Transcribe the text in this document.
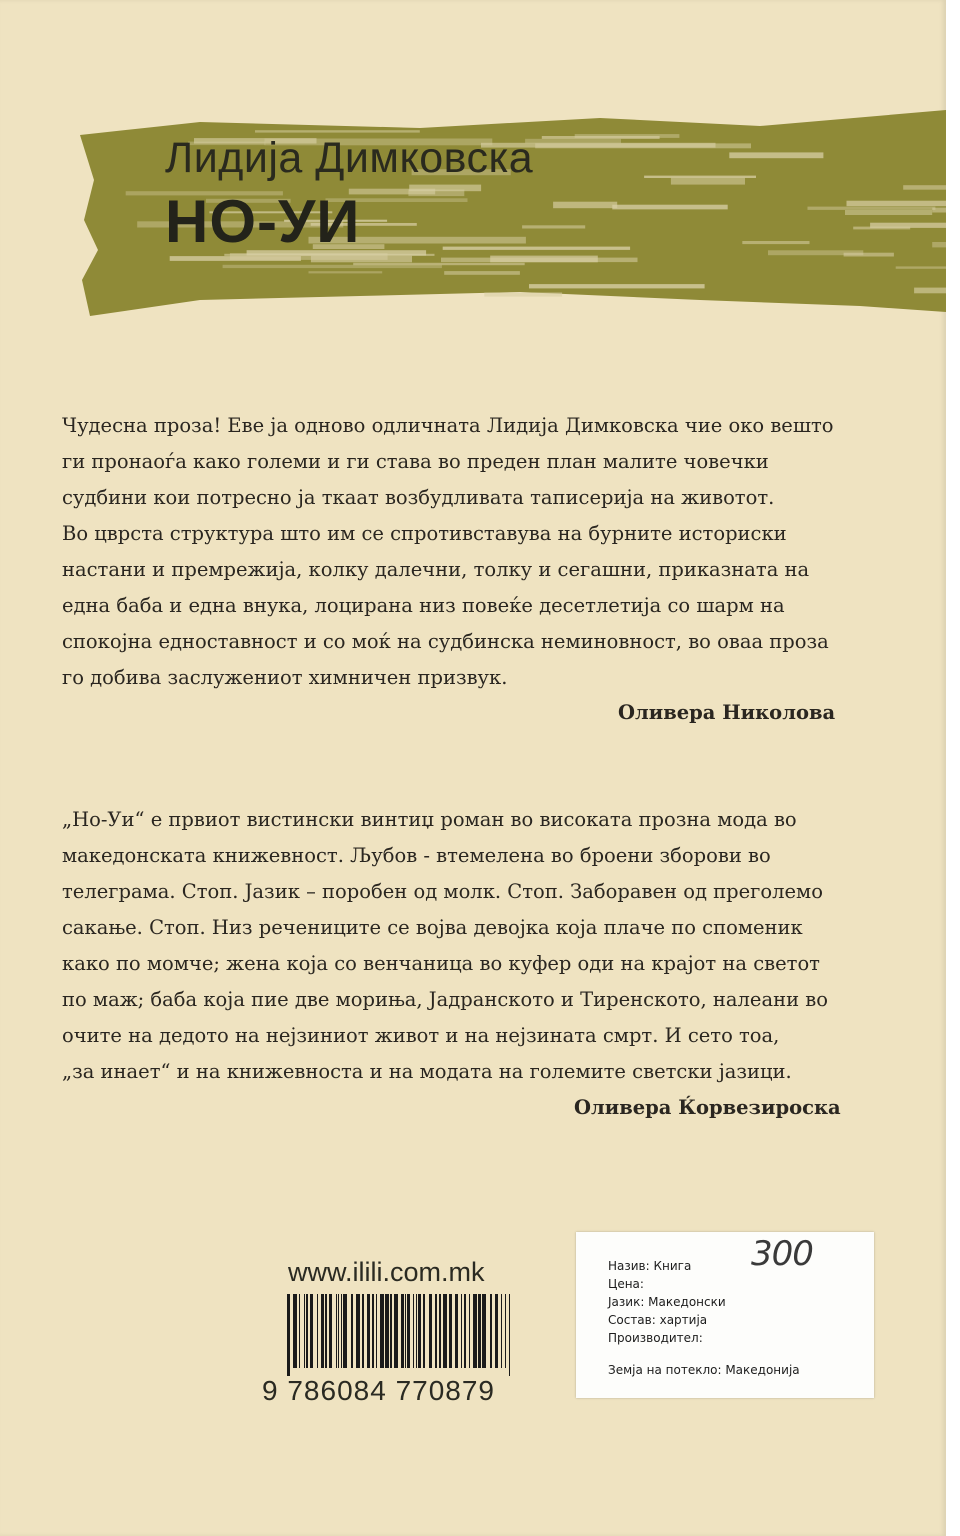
Лидија Димковска
НО-УИ
Чудесна проза! Еве ја одново одличната Лидија Димковска чие око вешто
ги пронаоѓа како големи и ги става во преден план малите човечки
судбини кои потресно ја ткаат возбудливата таписерија на животот.
Во цврста структура што им се спротивставува на бурните историски
настани и премрежија, колку далечни, толку и сегашни, приказната на
една баба и една внука, лоцирана низ повеќе десетлетија со шарм на
спокојна едноставност и со моќ на судбинска неминовност, во оваа проза
го добива заслужениот химничен призвук.
Оливера Николова
„Но-Уи“ е првиот вистински винтиџ роман во високата прозна мода во
македонската книжевност. Љубов - втемелена во броени зборови во
телеграма. Стоп. Јазик – поробен од молк. Стоп. Заборавен од преголемо
сакање. Стоп. Низ речениците се војва девојка која плаче по споменик
како по момче; жена која со венчаница во куфер оди на крајот на светот
по маж; баба која пие две морињa, Јадранското и Тиренското, налеани во
очите на дедото на нејзиниот живот и на нејзината смрт. И сето тоа,
„за инает“ и на книжевноста и на модата на големите светски јазици.
Оливера Ќорвезироска
www.ilili.com.mk
9 786084 770879
300
Назив: Книга
Цена:
Јазик: Македонски
Состав: хартија
Производител:
Земја на потекло: Македонија
